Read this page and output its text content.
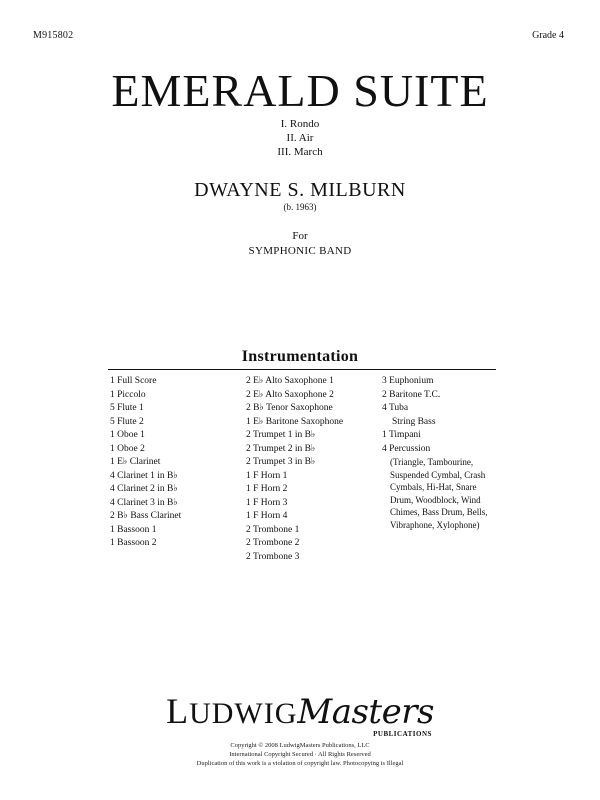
M915802	Grade 4
EMERALD SUITE
I. Rondo
II. Air
III. March
DWAYNE S. MILBURN
(b. 1963)
For
SYMPHONIC BAND
Instrumentation
1 Full Score
1 Piccolo
5 Flute 1
5 Flute 2
1 Oboe 1
1 Oboe 2
1 E♭ Clarinet
4 Clarinet 1 in B♭
4 Clarinet 2 in B♭
4 Clarinet 3 in B♭
2 B♭ Bass Clarinet
1 Bassoon 1
1 Bassoon 2
2 E♭ Alto Saxophone 1
2 E♭ Alto Saxophone 2
2 B♭ Tenor Saxophone
1 E♭ Baritone Saxophone
2 Trumpet 1 in B♭
2 Trumpet 2 in B♭
2 Trumpet 3 in B♭
1 F Horn 1
1 F Horn 2
1 F Horn 3
1 F Horn 4
2 Trombone 1
2 Trombone 2
2 Trombone 3
3 Euphonium
2 Baritone T.C.
4 Tuba
String Bass
1 Timpani
4 Percussion
(Triangle, Tambourine, Suspended Cymbal, Crash Cymbals, Hi-Hat, Snare Drum, Woodblock, Wind Chimes, Bass Drum, Bells, Vibraphone, Xylophone)
LUDWIGMasters
PUBLICATIONS
Copyright © 2008 LudwigMasters Publications, LLC
International Copyright Secured · All Rights Reserved
Duplication of this work is a violation of copyright law. Photocopying is Illegal
